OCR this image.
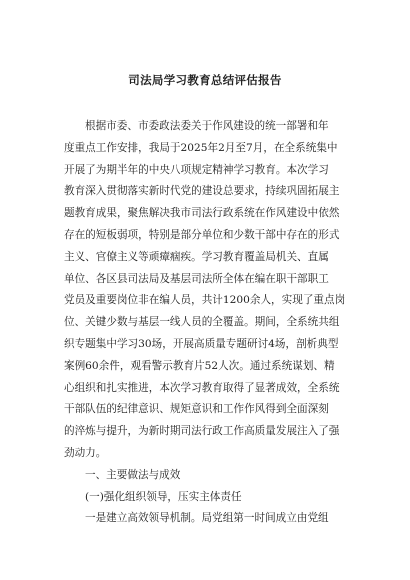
司法局学习教育总结评估报告
根据市委、市委政法委关于作风建设的统一部署和年
度重点工作安排，我局于2025年2月至7月，在全系统集中
开展了为期半年的中央八项规定精神学习教育。本次学习
教育深入贯彻落实新时代党的建设总要求，持续巩固拓展主
题教育成果，聚焦解决我市司法行政系统在作风建设中依然
存在的短板弱项，特别是部分单位和少数干部中存在的形式
主义、官僚主义等顽瘴痼疾。学习教育覆盖局机关、直属
单位、各区县司法局及基层司法所全体在编在职干部职工
党员及重要岗位非在编人员，共计1200余人，实现了重点岗
位、关键少数与基层一线人员的全覆盖。期间，全系统共组
织专题集中学习30场，开展高质量专题研讨4场，剖析典型
案例60余件，观看警示教育片52人次。通过系统谋划、精
心组织和扎实推进，本次学习教育取得了显著成效，全系统
干部队伍的纪律意识、规矩意识和工作作风得到全面深刻
的淬炼与提升，为新时期司法行政工作高质量发展注入了强
劲动力。
一、主要做法与成效
(一)强化组织领导，压实主体责任
一是建立高效领导机制。局党组第一时间成立由党组
